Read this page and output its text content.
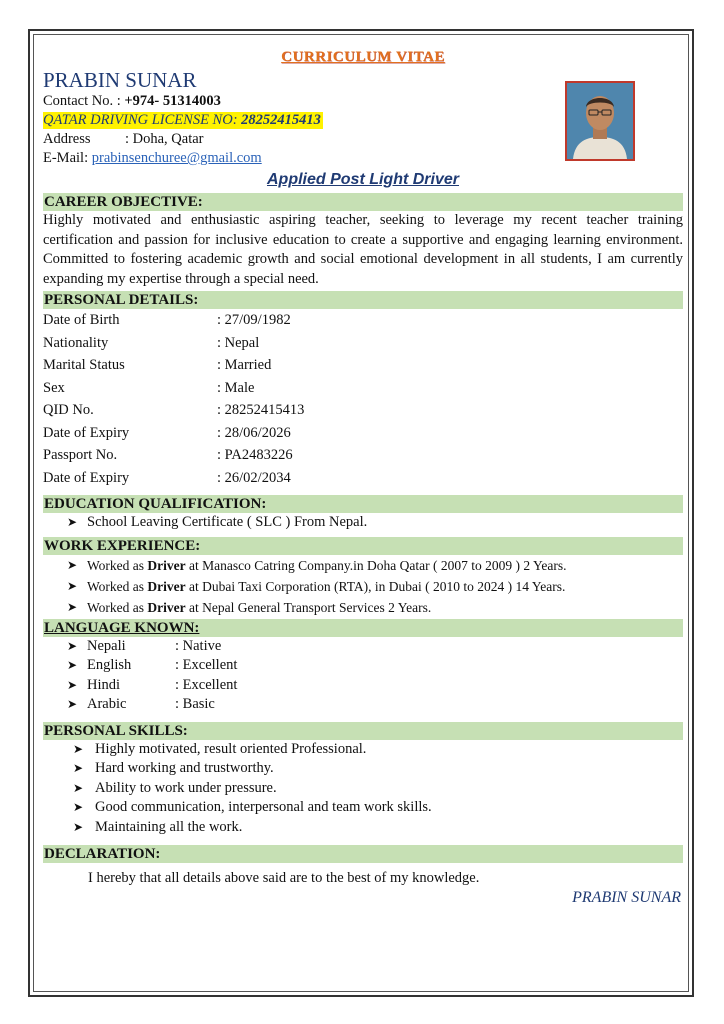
CURRICULUM VITAE
PRABIN SUNAR
Contact No. : +974- 51314003
QATAR DRIVING LICENSE NO: 28252415413
Address : Doha, Qatar
E-Mail: prabinsenchuree@gmail.com
Applied Post Light Driver
CAREER OBJECTIVE:
Highly motivated and enthusiastic aspiring teacher, seeking to leverage my recent teacher training certification and passion for inclusive education to create a supportive and engaging learning environment. Committed to fostering academic growth and social emotional development in all students, I am currently expanding my expertise through a special need.
PERSONAL DETAILS:
Date of Birth	: 27/09/1982
Nationality	: Nepal
Marital Status	: Married
Sex	: Male
QID No.	: 28252415413
Date of Expiry	: 28/06/2026
Passport No.	: PA2483226
Date of Expiry	: 26/02/2034
EDUCATION QUALIFICATION:
➤ School Leaving Certificate ( SLC ) From Nepal.
WORK EXPERIENCE:
➤ Worked as Driver at Manasco Catring Company.in Doha Qatar ( 2007 to 2009 ) 2 Years.
➤ Worked as Driver at Dubai Taxi Corporation (RTA), in Dubai ( 2010 to 2024 ) 14 Years.
➤ Worked as Driver at Nepal General Transport Services 2 Years.
LANGUAGE KNOWN:
➤ Nepali	: Native
➤ English	: Excellent
➤ Hindi	: Excellent
➤ Arabic	: Basic
PERSONAL SKILLS:
➤ Highly motivated, result oriented Professional.
➤ Hard working and trustworthy.
➤ Ability to work under pressure.
➤ Good communication, interpersonal and team work skills.
➤ Maintaining all the work.
DECLARATION:
I hereby that all details above said are to the best of my knowledge.
PRABIN SUNAR
